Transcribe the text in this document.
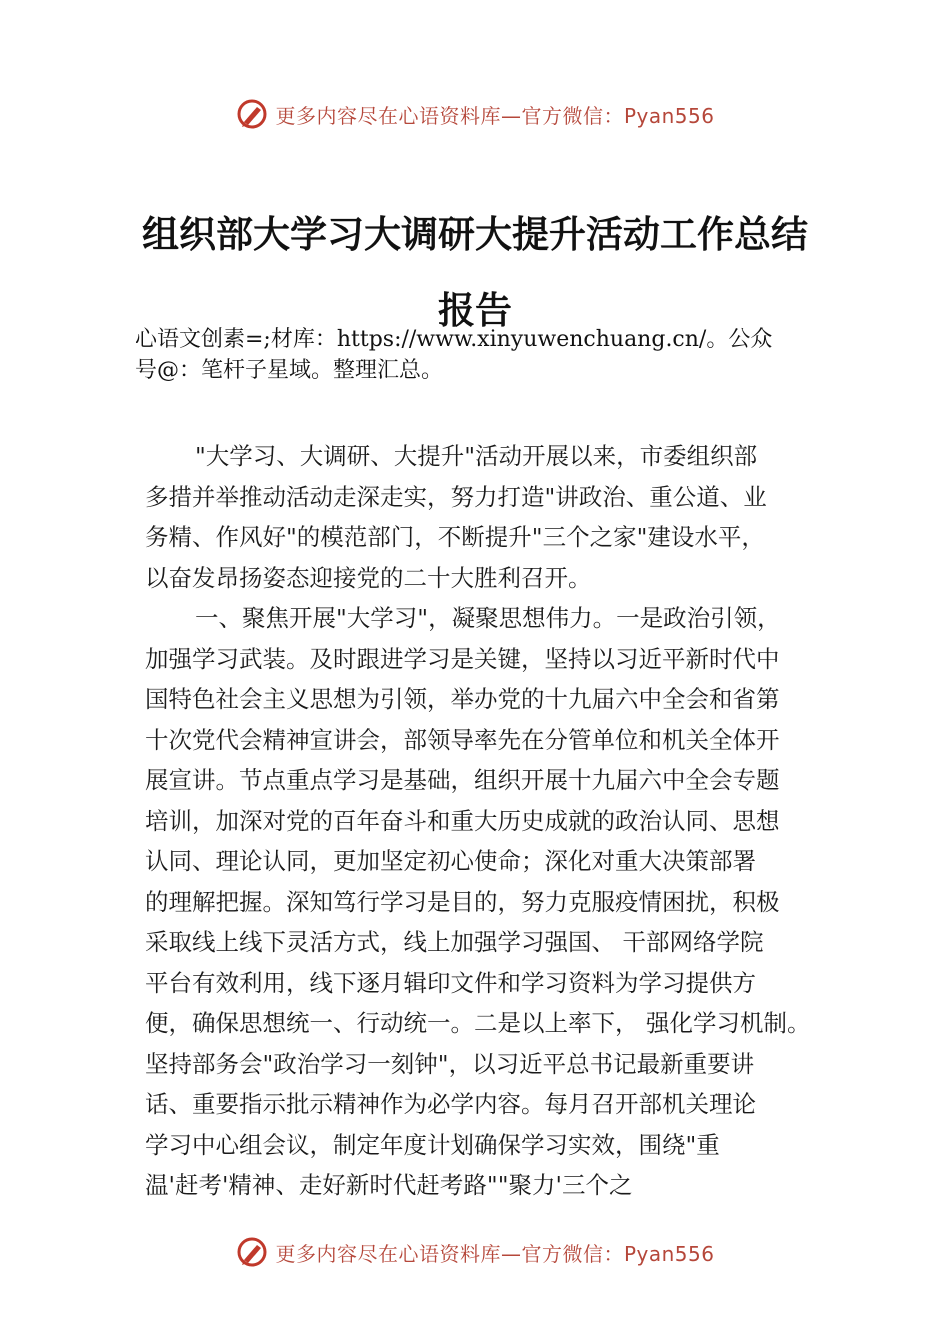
更多内容尽在心语资料库—官方微信：Pyan556
组织部大学习大调研大提升活动工作总结
报告
心语文创素=;材库：https://www.xinyuwenchuang.cn/。公众
号@：笔杆子星域。整理汇总。
"大学习、大调研、大提升"活动开展以来，市委组织部
多措并举推动活动走深走实，努力打造"讲政治、重公道、业
务精、作风好"的模范部门，不断提升"三个之家"建设水平，
以奋发昂扬姿态迎接党的二十大胜利召开。
一、聚焦开展"大学习"，凝聚思想伟力。一是政治引领，
加强学习武装。及时跟进学习是关键，坚持以习近平新时代中
国特色社会主义思想为引领，举办党的十九届六中全会和省第
十次党代会精神宣讲会，部领导率先在分管单位和机关全体开
展宣讲。节点重点学习是基础，组织开展十九届六中全会专题
培训，加深对党的百年奋斗和重大历史成就的政治认同、思想
认同、理论认同，更加坚定初心使命；深化对重大决策部署
的理解把握。深知笃行学习是目的，努力克服疫情困扰，积极
采取线上线下灵活方式，线上加强学习强国、 干部网络学院
平台有效利用，线下逐月辑印文件和学习资料为学习提供方
便，确保思想统一、行动统一。二是以上率下， 强化学习机制。
坚持部务会"政治学习一刻钟"，以习近平总书记最新重要讲
话、重要指示批示精神作为必学内容。每月召开部机关理论
学习中心组会议，制定年度计划确保学习实效，围绕"重
温'赶考'精神、走好新时代赶考路""聚力'三个之
更多内容尽在心语资料库—官方微信：Pyan556
